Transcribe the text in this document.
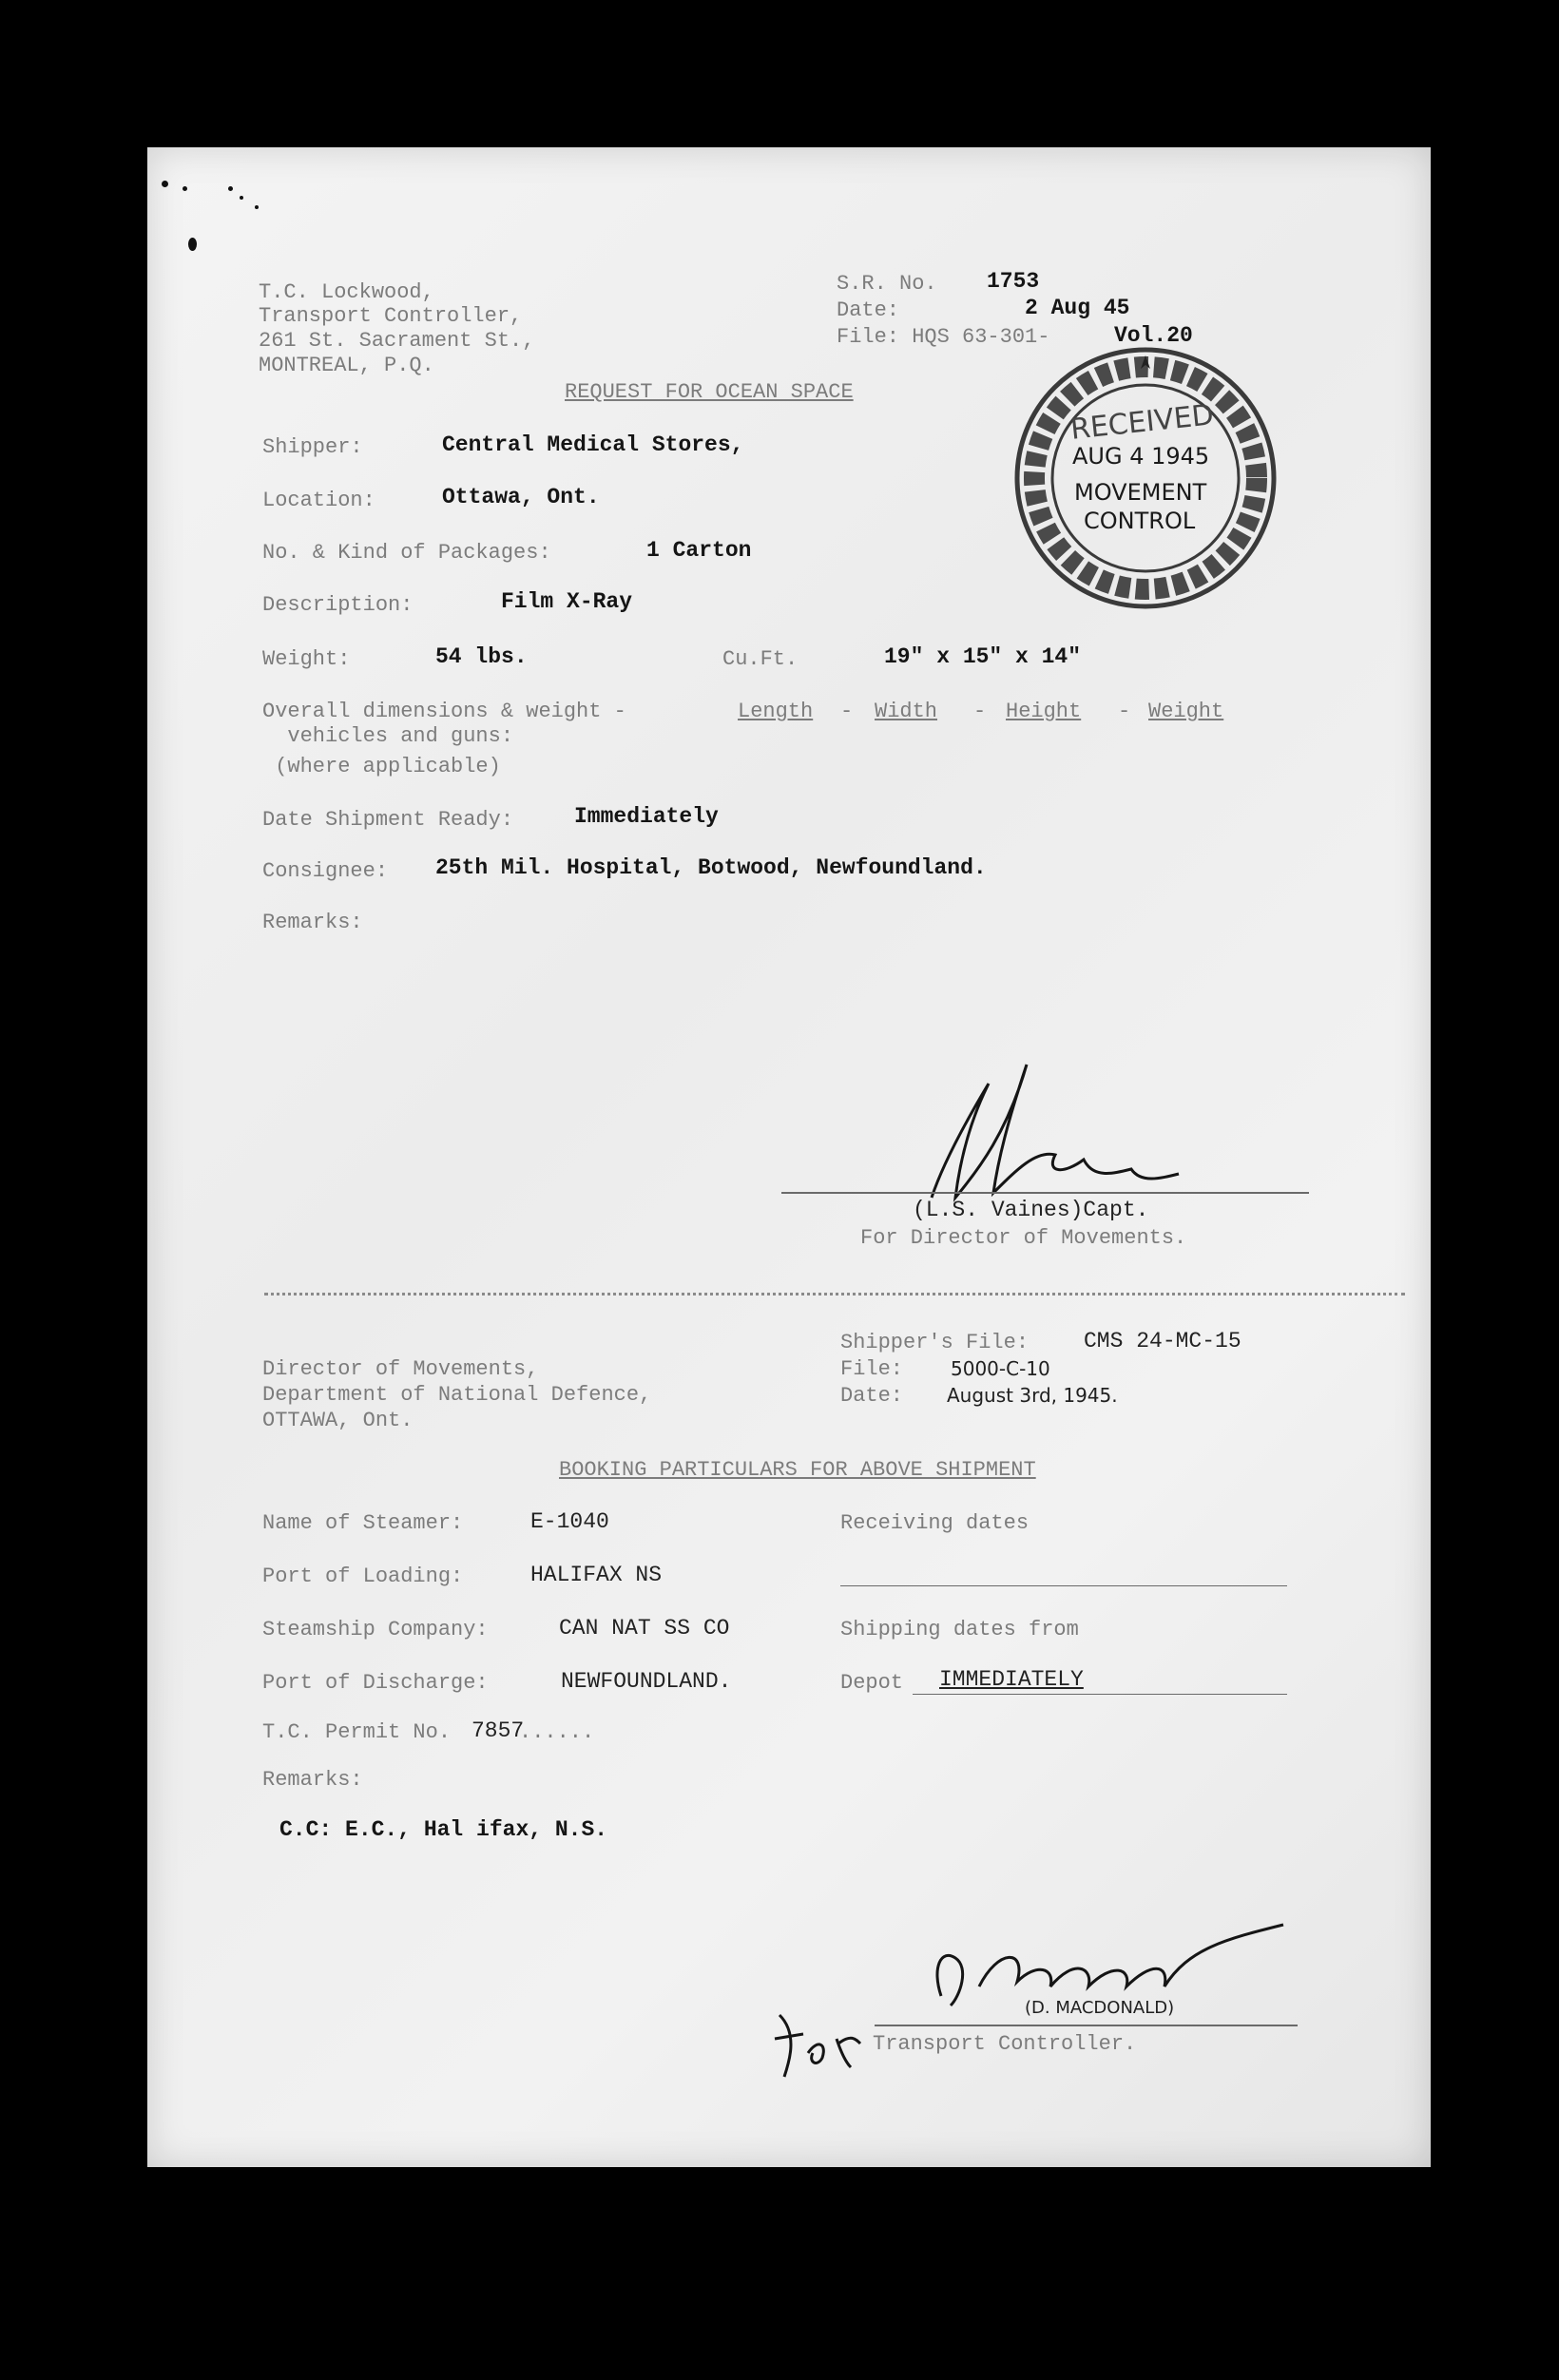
T.C. Lockwood,
Transport Controller,
261 St. Sacrament St.,
MONTREAL, P.Q.
S.R. No. 1753
Date:	2 Aug 45
File: HQS 63-301-	Vol.20
REQUEST FOR OCEAN SPACE
RECEIVED
AUG 4 1945
MOVEMENT
CONTROL
Shipper:	Central Medical Stores,
Location:	Ottawa, Ont.
No. & Kind of Packages:	1 Carton
Description:	Film X-Ray
Weight:	54 lbs.	Cu.Ft.	19" x 15" x 14"
Overall dimensions & weight -	Length - Width - Height - Weight
vehicles and guns:
(where applicable)
Date Shipment Ready:	Immediately
Consignee: 25th Mil. Hospital, Botwood, Newfoundland.
Remarks:
(L.S. Vaines)Capt.
For Director of Movements.
Director of Movements,
Department of National Defence,
OTTAWA, Ont.
Shipper's File:	CMS 24-MC-15
File: 5000-C-10
Date: August 3rd, 1945.
BOOKING PARTICULARS FOR ABOVE SHIPMENT
Name of Steamer:	E-1040	Receiving dates
Port of Loading:	HALIFAX NS
Steamship Company:	CAN NAT SS CO	Shipping dates from
Port of Discharge:	NEWFOUNDLAND.	Depot IMMEDIATELY
T.C. Permit No. 7857
......
Remarks:
C.C: E.C., Hal ifax, N.S.
(D. MACDONALD)
Transport Controller.
